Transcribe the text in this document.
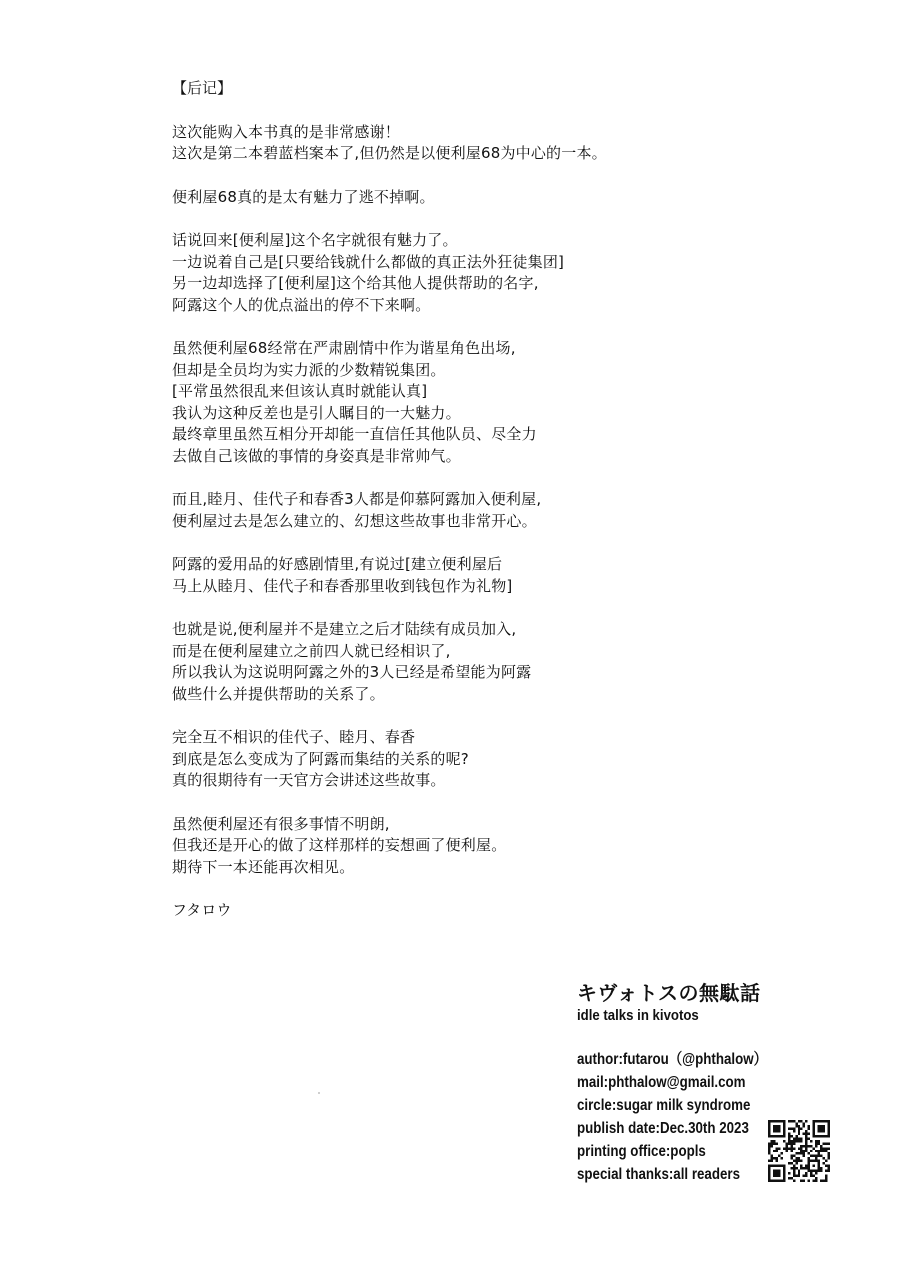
【后记】
这次能购入本书真的是非常感谢！
这次是第二本碧蓝档案本了,但仍然是以便利屋68为中心的一本。
便利屋68真的是太有魅力了逃不掉啊。
话说回来[便利屋]这个名字就很有魅力了。
一边说着自己是[只要给钱就什么都做的真正法外狂徒集团]
另一边却选择了[便利屋]这个给其他人提供帮助的名字,
阿露这个人的优点溢出的停不下来啊。
虽然便利屋68经常在严肃剧情中作为谐星角色出场,
但却是全员均为实力派的少数精锐集团。
[平常虽然很乱来但该认真时就能认真]
我认为这种反差也是引人瞩目的一大魅力。
最终章里虽然互相分开却能一直信任其他队员、尽全力
去做自己该做的事情的身姿真是非常帅气。
而且,睦月、佳代子和春香3人都是仰慕阿露加入便利屋,
便利屋过去是怎么建立的、幻想这些故事也非常开心。
阿露的爱用品的好感剧情里,有说过[建立便利屋后
马上从睦月、佳代子和春香那里收到钱包作为礼物]
也就是说,便利屋并不是建立之后才陆续有成员加入,
而是在便利屋建立之前四人就已经相识了,
所以我认为这说明阿露之外的3人已经是希望能为阿露
做些什么并提供帮助的关系了。
完全互不相识的佳代子、睦月、春香
到底是怎么变成为了阿露而集结的关系的呢?
真的很期待有一天官方会讲述这些故事。
虽然便利屋还有很多事情不明朗,
但我还是开心的做了这样那样的妄想画了便利屋。
期待下一本还能再次相见。
フタロウ
キヴォトスの無駄話
idle talks in kivotos
author:futarou（@phthalow）
mail:phthalow@gmail.com
circle:sugar milk syndrome
publish date:Dec.30th 2023
printing office:popls
special thanks:all readers
